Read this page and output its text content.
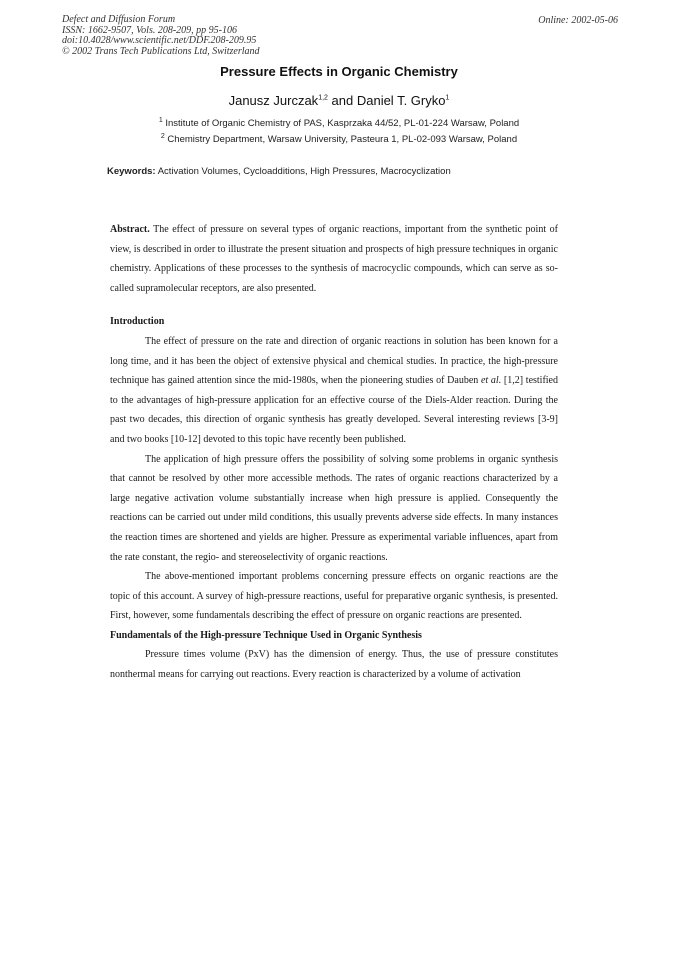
Defect and Diffusion Forum
ISSN: 1662-9507, Vols. 208-209, pp 95-106
doi:10.4028/www.scientific.net/DDF.208-209.95
© 2002 Trans Tech Publications Ltd, Switzerland
Online: 2002-05-06
Pressure Effects in Organic Chemistry
Janusz Jurczak$^{1,2}$ and Daniel T. Gryko$^1$
$^1$ Institute of Organic Chemistry of PAS, Kasprzaka 44/52, PL-01-224 Warsaw, Poland
$^2$ Chemistry Department, Warsaw University, Pasteura 1, PL-02-093 Warsaw, Poland
Keywords: Activation Volumes, Cycloadditions, High Pressures, Macrocyclization

Abstract. The effect of pressure on several types of organic reactions, important from the synthetic point of view, is described in order to illustrate the present situation and prospects of high pressure techniques in organic chemistry. Applications of these processes to the synthesis of macrocyclic compounds, which can serve as so-called supramolecular receptors, are also presented.

Introduction

The effect of pressure on the rate and direction of organic reactions in solution has been known for a long time, and it has been the object of extensive physical and chemical studies. In practice, the high-pressure technique has gained attention since the mid-1980s, when the pioneering studies of Dauben et al. [1,2] testified to the advantages of high-pressure application for an effective course of the Diels-Alder reaction. During the past two decades, this direction of organic synthesis has greatly developed. Several interesting reviews [3-9] and two books [10-12] devoted to this topic have recently been published.

The application of high pressure offers the possibility of solving some problems in organic synthesis that cannot be resolved by other more accessible methods. The rates of organic reactions characterized by a large negative activation volume substantially increase when high pressure is applied. Consequently the reactions can be carried out under mild conditions, this usually prevents adverse side effects. In many instances the reaction times are shortened and yields are higher. Pressure as experimental variable influences, apart from the rate constant, the regio- and stereoselectivity of organic reactions.

The above-mentioned important problems concerning pressure effects on organic reactions are the topic of this account. A survey of high-pressure reactions, useful for preparative organic synthesis, is presented. First, however, some fundamentals describing the effect of pressure on organic reactions are presented.

Fundamentals of the High-pressure Technique Used in Organic Synthesis

Pressure times volume (PxV) has the dimension of energy. Thus, the use of pressure constitutes nonthermal means for carrying out reactions. Every reaction is characterized by a volume of activation
